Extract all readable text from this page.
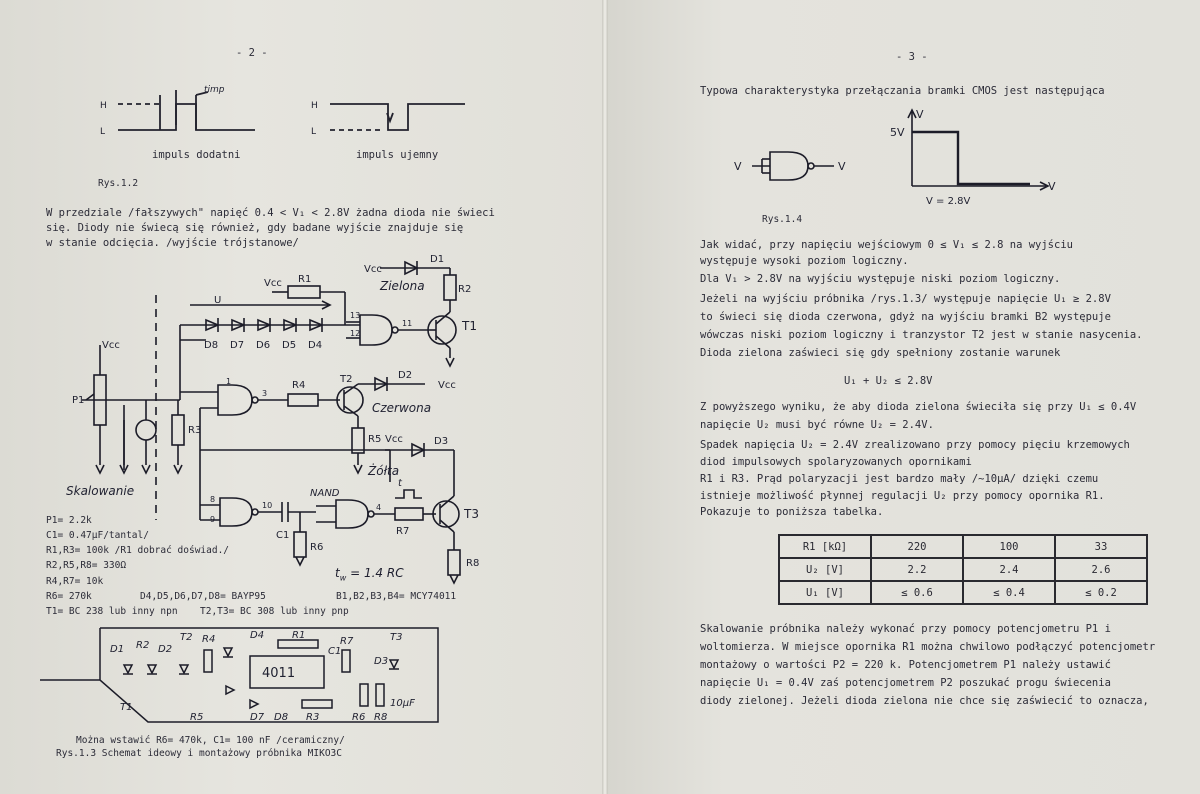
- 2 -
H
L
H
L
timp
impuls dodatni	impuls ujemny
Rys.1.2
W przedziale /fałszywych" napięć 0.4 < V₁ < 2.8V żadna dioda nie świeci
się. Diody nie świecą się również, gdy badane wyjście znajduje się
w stanie odcięcia. /wyjście trójstanowe/
Vcc
P1
R3
Vcc R1
Vcc
D1
Zielona	R2
U
D8 D7 D6 D5 D4
T1
R4
T2	D2
Vcc
Czerwona
R5 Vcc	D3
Żółta
t
NAND
C1
R6
R7
T3
R8
Skalowanie
1
3
4
8
9
10
11
12
13
P1= 2.2k
C1= 0.47μF/tantal/
R1,R3= 100k /R1 dobrać doświad./
R2,R5,R8= 330Ω
R4,R7= 10k
R6= 270k	D4,D5,D6,D7,D8= BAYP95	B1,B2,B3,B4= MCY74011
T1= BC 238 lub inny npn T2,T3= BC 308 lub inny pnp
$t_w = 1.4$ RC
D1 R2 D2
T2 R4	D4	R1
R7	T3
C1
D3
T1
R5	D7 D8 R3	R6 R8
10μF
4011
Można wstawić R6= 470k, C1= 100 nF /ceramiczny/
Rys.1.3 Schemat ideowy i montażowy próbnika MIKO3C
- 3 -
Typowa charakterystyka przełączania bramki CMOS jest następująca
V	V
V
V
5V
V = 2.8V
Rys.1.4
Jak widać, przy napięciu wejściowym 0 ≤ V₁ ≤ 2.8 na wyjściu
występuje wysoki poziom logiczny.
Dla V₁ > 2.8V na wyjściu występuje niski poziom logiczny.
Jeżeli na wyjściu próbnika /rys.1.3/ występuje napięcie U₁ ≥ 2.8V
to świeci się dioda czerwona, gdyż na wyjściu bramki B2 występuje
wówczas niski poziom logiczny i tranzystor T2 jest w stanie nasycenia.
Dioda zielona zaświeci się gdy spełniony zostanie warunek
U₁ + U₂ ≤ 2.8V
Z powyższego wyniku, że aby dioda zielona świeciła się przy U₁ ≤ 0.4V
napięcie U₂ musi być równe U₂ = 2.4V.
Spadek napięcia U₂ = 2.4V zrealizowano przy pomocy pięciu krzemowych
diod impulsowych spolaryzowanych opornikami
R1 i R3. Prąd polaryzacji jest bardzo mały /~10μA/ dzięki czemu
istnieje możliwość płynnej regulacji U₂ przy pomocy opornika R1.
Pokazuje to poniższa tabelka.
R1 [kΩ]	220	100	33
U₂ [V]	2.2	2.4	2.6
U₁ [V]	≤ 0.6	≤ 0.4	≤ 0.2
Skalowanie próbnika należy wykonać przy pomocy potencjometru P1 i
woltomierza. W miejsce opornika R1 można chwilowo podłączyć potencjometr
montażowy o wartości P2 = 220 k. Potencjometrem P1 należy ustawić
napięcie U₁ = 0.4V zaś potencjometrem P2 poszukać progu świecenia
diody zielonej. Jeżeli dioda zielona nie chce się zaświecić to oznacza,
